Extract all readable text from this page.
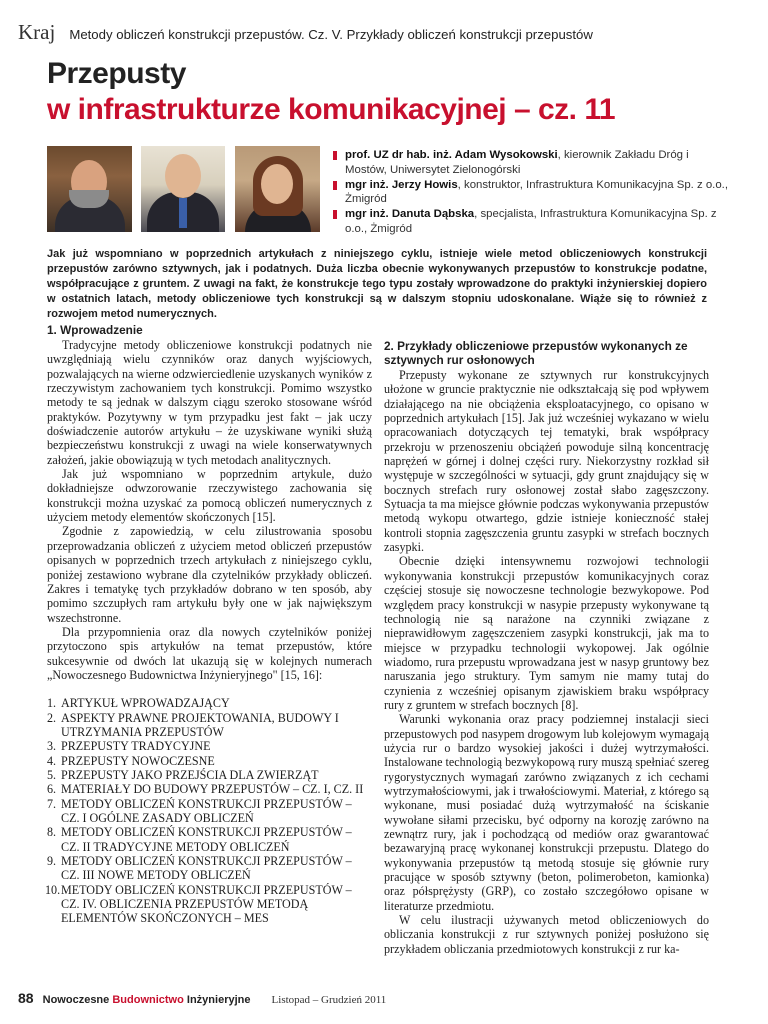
Kraj Metody obliczeń konstrukcji przepustów. Cz. V. Przykłady obliczeń konstrukcji przepustów
Przepusty
w infrastrukturze komunikacyjnej – cz. 11
prof. UZ dr hab. inż. Adam Wysokowski, kierownik Zakładu Dróg i Mostów, Uniwersytet Zielonogórski
mgr inż. Jerzy Howis, konstruktor, Infrastruktura Komunikacyjna Sp. z o.o., Żmigród
mgr inż. Danuta Dąbska, specjalista, Infrastruktura Komunikacyjna Sp. z o.o., Żmigród
Jak już wspomniano w poprzednich artykułach z niniejszego cyklu, istnieje wiele metod obliczeniowych konstrukcji przepustów zarówno sztywnych, jak i podatnych. Duża liczba obecnie wykonywanych przepustów to konstrukcje podatne, współpracujące z gruntem. Z uwagi na fakt, że konstrukcje tego typu zostały wprowadzone do praktyki inżynierskiej dopiero w ostatnich latach, metody obliczeniowe tych konstrukcji są w dalszym stopniu udoskonalane. Wiąże się to również z rozwojem metod numerycznych.
1. Wprowadzenie

Tradycyjne metody obliczeniowe konstrukcji podatnych nie uwzględniają wielu czynników oraz danych wyjściowych, pozwalających na wierne odzwierciedlenie uzyskanych wyników z rzeczywistym zachowaniem tych konstrukcji. Pomimo wszystko metody te są jednak w dalszym ciągu szeroko stosowane wśród praktyków. Pozytywny w tym przypadku jest fakt – jak uczy doświadczenie autorów artykułu – że uzyskiwane wyniki służą bezpieczeństwu konstrukcji z uwagi na wiele konserwatywnych założeń, jakie obowiązują w tych metodach analitycznych.

Jak już wspomniano w poprzednim artykule, dużo dokładniejsze odwzorowanie rzeczywistego zachowania się konstrukcji można uzyskać za pomocą obliczeń numerycznych z użyciem metody elementów skończonych [15].

Zgodnie z zapowiedzią, w celu zilustrowania sposobu przeprowadzania obliczeń z użyciem metod obliczeń przepustów opisanych w poprzednich trzech artykułach z niniejszego cyklu, poniżej zestawiono wybrane dla czytelników przykłady obliczeń. Zakres i tematykę tych przykładów dobrano w ten sposób, aby pomimo szczupłych ram artykułu były one w jak największym wszechstronne.

Dla przypomnienia oraz dla nowych czytelników poniżej przytoczono spis artykułów na temat przepustów, które sukcesywnie od dwóch lat ukazują się w kolejnych numerach „Nowoczesnego Budownictwa Inżynieryjnego" [15, 16]:

1. ARTYKUŁ WPROWADZAJĄCY
2. ASPEKTY PRAWNE PROJEKTOWANIA, BUDOWY I UTRZYMANIA PRZEPUSTÓW
3. PRZEPUSTY TRADYCYJNE
4. PRZEPUSTY NOWOCZESNE
5. PRZEPUSTY JAKO PRZEJŚCIA DLA ZWIERZĄT
6. MATERIAŁY DO BUDOWY PRZEPUSTÓW – CZ. I, CZ. II
7. METODY OBLICZEŃ KONSTRUKCJI PRZEPUSTÓW – CZ. I OGÓLNE ZASADY OBLICZEŃ
8. METODY OBLICZEŃ KONSTRUKCJI PRZEPUSTÓW – CZ. II TRADYCYJNE METODY OBLICZEŃ
9. METODY OBLICZEŃ KONSTRUKCJI PRZEPUSTÓW – CZ. III NOWE METODY OBLICZEŃ
10. METODY OBLICZEŃ KONSTRUKCJI PRZEPUSTÓW – CZ. IV. OBLICZENIA PRZEPUSTÓW METODĄ ELEMENTÓW SKOŃCZONYCH – MES
2. Przykłady obliczeniowe przepustów wykonanych ze sztywnych rur osłonowych

Przepusty wykonane ze sztywnych rur konstrukcyjnych ułożone w gruncie praktycznie nie odkształcają się pod wpływem działającego na nie obciążenia eksploatacyjnego, co opisano w poprzednich artykułach [15]. Jak już wcześniej wykazano w wielu opracowaniach dotyczących tej tematyki, brak współpracy przekroju w przenoszeniu obciążeń powoduje silną koncentrację naprężeń w górnej i dolnej części rury. Niekorzystny rozkład sił występuje w szczególności w sytuacji, gdy grunt znajdujący się w bocznych strefach rury osłonowej został słabo zagęszczony. Sytuacja ta ma miejsce głównie podczas wykonywania przepustów metodą wykopu otwartego, gdzie istnieje konieczność stałej kontroli stopnia zagęszczenia gruntu zasypki w strefach bocznych zasypki.

Obecnie dzięki intensywnemu rozwojowi technologii wykonywania konstrukcji przepustów komunikacyjnych coraz częściej stosuje się nowoczesne technologie bezwykopowe. Pod względem pracy konstrukcji w nasypie przepusty wykonywane tą technologią nie są narażone na czynniki związane z nieprawidłowym zagęszczeniem zasypki konstrukcji, jak ma to miejsce w przypadku technologii wykopowej. Jak ogólnie wiadomo, rura przepustu wprowadzana jest w nasyp gruntowy bez naruszania jego struktury. Tym samym nie mamy tutaj do czynienia z wcześniej opisanym zjawiskiem braku współpracy rury z gruntem w strefach bocznych [8].

Warunki wykonania oraz pracy podziemnej instalacji sieci przepustowych pod nasypem drogowym lub kolejowym wymagają użycia rur o bardzo wysokiej jakości i dużej wytrzymałości. Instalowane technologią bezwykopową rury muszą spełniać szereg rygorystycznych wymagań zarówno związanych z ich cechami wytrzymałościowymi, jak i trwałościowymi. Materiał, z którego są wykonane, musi posiadać dużą wytrzymałość na ściskanie wywołane siłami przecisku, być odporny na korozję zarówno na zewnątrz rury, jak i pochodzącą od mediów oraz gwarantować bezawaryjną pracę wykonanej konstrukcji przepustu. Dlatego do wykonywania przepustów tą metodą stosuje się głównie rury pracujące w sposób sztywny (beton, polimerobeton, kamionka) oraz półsprężysty (GRP), co zostało szczegółowo opisane w literaturze przedmiotu.

W celu ilustracji używanych metod obliczeniowych do obliczania konstrukcji z rur sztywnych poniżej posłużono się przykładem obliczania przedmiotowych konstrukcji z rur ka-

88 Nowoczesne Budownictwo Inżynieryjne Listopad – Grudzień 2011
